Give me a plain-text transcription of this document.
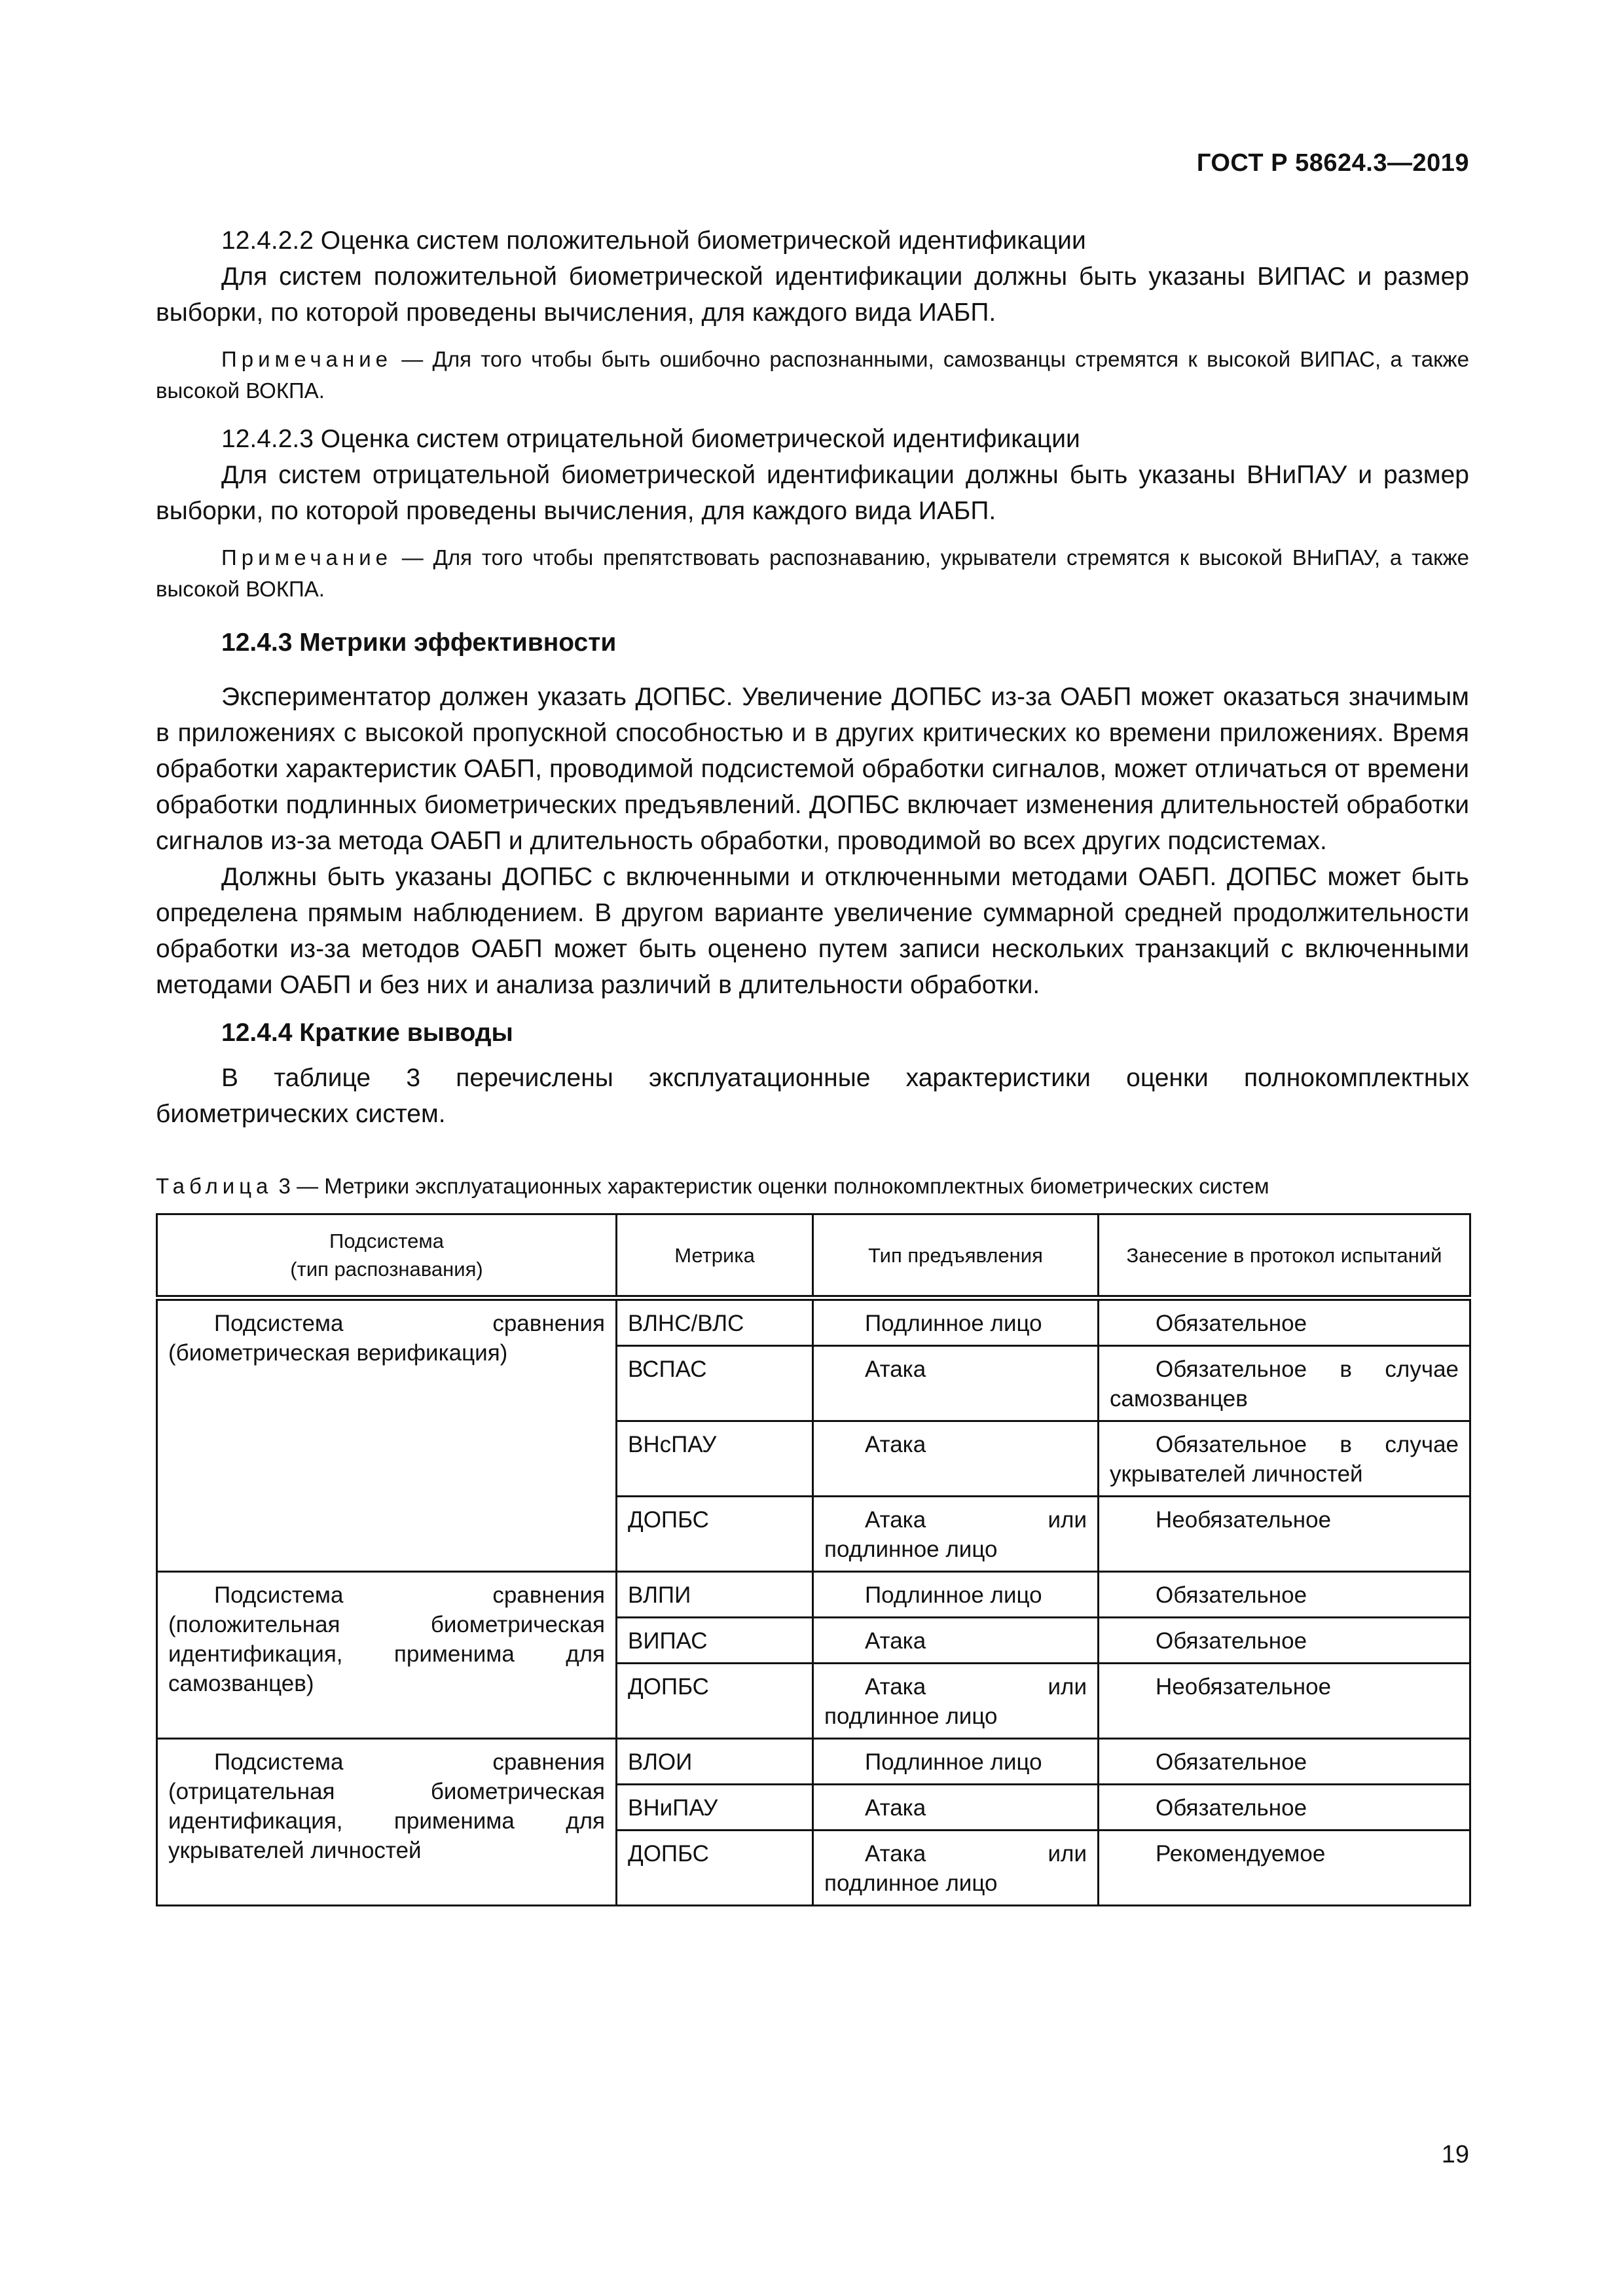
ГОСТ Р 58624.3—2019

12.4.2.2 Оценка систем положительной биометрической идентификации

Для систем положительной биометрической идентификации должны быть указаны ВИПАС и размер выборки, по которой проведены вычисления, для каждого вида ИАБП.

Примечание — Для того чтобы быть ошибочно распознанными, самозванцы стремятся к высокой ВИПАС, а также высокой ВОКПА.

12.4.2.3 Оценка систем отрицательной биометрической идентификации

Для систем отрицательной биометрической идентификации должны быть указаны ВНиПАУ и размер выборки, по которой проведены вычисления, для каждого вида ИАБП.

Примечание — Для того чтобы препятствовать распознаванию, укрыватели стремятся к высокой ВНиПАУ, а также высокой ВОКПА.

12.4.3 Метрики эффективности

Экспериментатор должен указать ДОПБС. Увеличение ДОПБС из-за ОАБП может оказаться значимым в приложениях с высокой пропускной способностью и в других критических ко времени приложениях. Время обработки характеристик ОАБП, проводимой подсистемой обработки сигналов, может отличаться от времени обработки подлинных биометрических предъявлений. ДОПБС включает изменения длительностей обработки сигналов из-за метода ОАБП и длительность обработки, проводимой во всех других подсистемах.

Должны быть указаны ДОПБС с включенными и отключенными методами ОАБП. ДОПБС может быть определена прямым наблюдением. В другом варианте увеличение суммарной средней продолжительности обработки из-за методов ОАБП может быть оценено путем записи нескольких транзакций с включенными методами ОАБП и без них и анализа различий в длительности обработки.

12.4.4 Краткие выводы

В таблице 3 перечислены эксплуатационные характеристики оценки полнокомплектных биометрических систем.

Таблица 3 — Метрики эксплуатационных характеристик оценки полнокомплектных биометрических систем
Подсистема
(тип распознавания)	Метрика	Тип предъявления	Занесение в протокол испытаний
Подсистема сравнения (биометрическая верификация)	ВЛНС/ВЛС	Подлинное лицо	Обязательное
	ВСПАС	Атака	Обязательное в случае самозванцев
	ВНсПАУ	Атака	Обязательное в случае укрывателей личностей
	ДОПБС	Атака или подлинное лицо	Необязательное
Подсистема сравнения (положительная биометрическая идентификация, применима для самозванцев)	ВЛПИ	Подлинное лицо	Обязательное
	ВИПАС	Атака	Обязательное
	ДОПБС	Атака или подлинное лицо	Необязательное
Подсистема сравнения (отрицательная биометрическая идентификация, применима для укрывателей личностей	ВЛОИ	Подлинное лицо	Обязательное
	ВНиПАУ	Атака	Обязательное
	ДОПБС	Атака или подлинное лицо	Рекомендуемое
19
